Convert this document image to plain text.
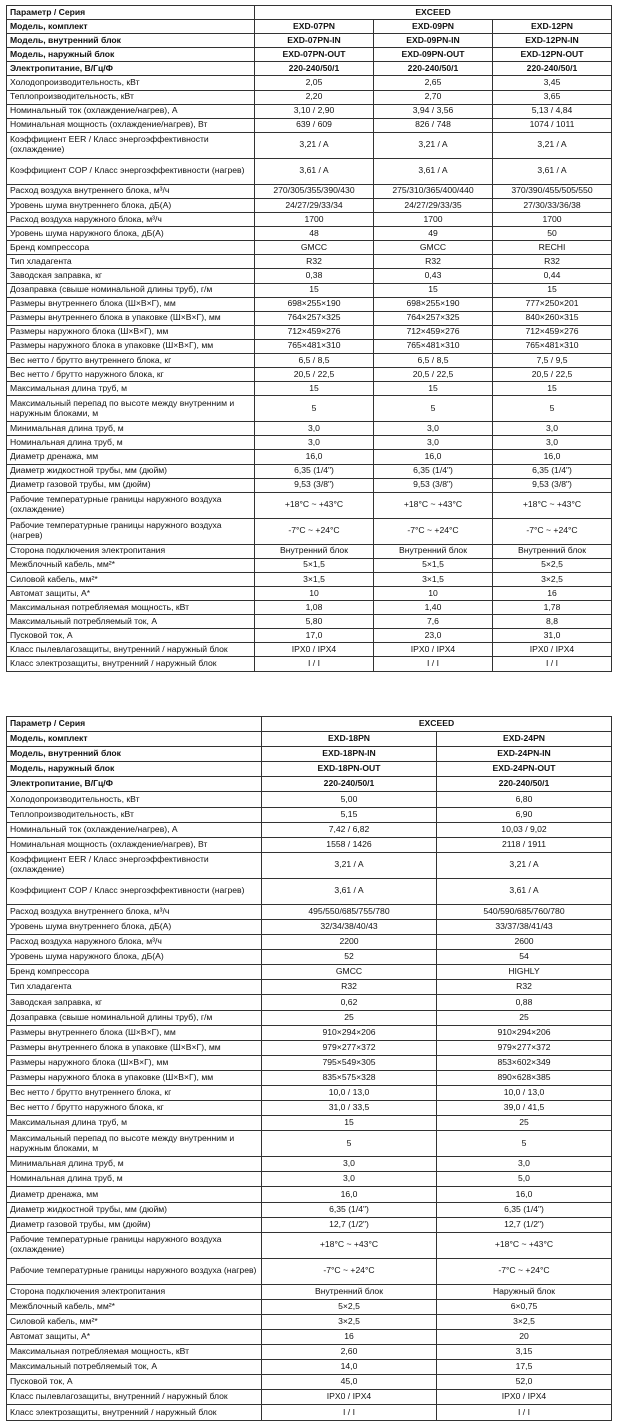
Параметр / Серия	EXCEED		
Модель, комплект	EXD-07PN	EXD-09PN	EXD-12PN
Модель, внутренний блок	EXD-07PN-IN	EXD-09PN-IN	EXD-12PN-IN
Модель, наружный блок	EXD-07PN-OUT	EXD-09PN-OUT	EXD-12PN-OUT
Электропитание, В/Гц/Ф	220-240/50/1	220-240/50/1	220-240/50/1
Холодопроизводительность, кВт	2,05	2,65	3,45
Теплопроизводительность, кВт	2,20	2,70	3,65
Номинальный ток (охлаждение/нагрев), А	3,10 / 2,90	3,94 / 3,56	5,13 / 4,84
Номинальная мощность (охлаждение/нагрев), Вт	639 / 609	826 / 748	1074 / 1011
Коэффициент EER / Класс энергоэффективности (охлаждение)	3,21 / A	3,21 / A	3,21 / A
Коэффициент COP / Класс энергоэффективности (нагрев)	3,61 / A	3,61 / A	3,61 / A
Расход воздуха внутреннего блока, м³/ч	270/305/355/390/430	275/310/365/400/440	370/390/455/505/550
Уровень шума внутреннего блока, дБ(А)	24/27/29/33/34	24/27/29/33/35	27/30/33/36/38
Расход воздуха наружного блока, м³/ч	1700	1700	1700
Уровень шума наружного блока, дБ(А)	48	49	50
Бренд компрессора	GMCC	GMCC	RECHI
Тип хладагента	R32	R32	R32
Заводская заправка, кг	0,38	0,43	0,44
Дозаправка (свыше номинальной длины труб), г/м	15	15	15
Размеры внутреннего блока (Ш×В×Г), мм	698×255×190	698×255×190	777×250×201
Размеры внутреннего блока в упаковке (Ш×В×Г), мм	764×257×325	764×257×325	840×260×315
Размеры наружного блока (Ш×В×Г), мм	712×459×276	712×459×276	712×459×276
Размеры наружного блока в упаковке (Ш×В×Г), мм	765×481×310	765×481×310	765×481×310
Вес нетто / брутто внутреннего блока, кг	6,5 / 8,5	6,5 / 8,5	7,5 / 9,5
Вес нетто / брутто наружного блока, кг	20,5 / 22,5	20,5 / 22,5	20,5 / 22,5
Максимальная длина труб, м	15	15	15
Максимальный перепад по высоте между внутренним и наружным блоками, м	5	5	5
Минимальная длина труб, м	3,0	3,0	3,0
Номинальная длина труб, м	3,0	3,0	3,0
Диаметр дренажа, мм	16,0	16,0	16,0
Диаметр жидкостной трубы, мм (дюйм)	6,35 (1/4")	6,35 (1/4")	6,35 (1/4")
Диаметр газовой трубы, мм (дюйм)	9,53 (3/8")	9,53 (3/8")	9,53 (3/8")
Рабочие температурные границы наружного воздуха (охлаждение)	+18°C ~ +43°C	+18°C ~ +43°C	+18°C ~ +43°C
Рабочие температурные границы наружного воздуха (нагрев)	-7°C ~ +24°C	-7°C ~ +24°C	-7°C ~ +24°C
Сторона подключения электропитания	Внутренний блок	Внутренний блок	Внутренний блок
Межблочный кабель, мм²*	5×1,5	5×1,5	5×2,5
Силовой кабель, мм²*	3×1,5	3×1,5	3×2,5
Автомат защиты, А*	10	10	16
Максимальная потребляемая мощность, кВт	1,08	1,40	1,78
Максимальный потребляемый ток, А	5,80	7,6	8,8
Пусковой ток, А	17,0	23,0	31,0
Класс пылевлагозащиты, внутренний / наружный блок	IPX0 / IPX4	IPX0 / IPX4	IPX0 / IPX4
Класс электрозащиты, внутренний / наружный блок	I / I	I / I	I / I
Параметр / Серия	EXCEED	
Модель, комплект	EXD-18PN	EXD-24PN
Модель, внутренний блок	EXD-18PN-IN	EXD-24PN-IN
Модель, наружный блок	EXD-18PN-OUT	EXD-24PN-OUT
Электропитание, В/Гц/Ф	220-240/50/1	220-240/50/1
Холодопроизводительность, кВт	5,00	6,80
Теплопроизводительность, кВт	5,15	6,90
Номинальный ток (охлаждение/нагрев), А	7,42 / 6,82	10,03 / 9,02
Номинальная мощность (охлаждение/нагрев), Вт	1558 / 1426	2118 / 1911
Коэффициент EER / Класс энергоэффективности (охлаждение)	3,21 / A	3,21 / A
Коэффициент COP / Класс энергоэффективности (нагрев)	3,61 / A	3,61 / A
Расход воздуха внутреннего блока, м³/ч	495/550/685/755/780	540/590/685/760/780
Уровень шума внутреннего блока, дБ(А)	32/34/38/40/43	33/37/38/41/43
Расход воздуха наружного блока, м³/ч	2200	2600
Уровень шума наружного блока, дБ(А)	52	54
Бренд компрессора	GMCC	HIGHLY
Тип хладагента	R32	R32
Заводская заправка, кг	0,62	0,88
Дозаправка (свыше номинальной длины труб), г/м	25	25
Размеры внутреннего блока (Ш×В×Г), мм	910×294×206	910×294×206
Размеры внутреннего блока в упаковке (Ш×В×Г), мм	979×277×372	979×277×372
Размеры наружного блока (Ш×В×Г), мм	795×549×305	853×602×349
Размеры наружного блока в упаковке (Ш×В×Г), мм	835×575×328	890×628×385
Вес нетто / брутто внутреннего блока, кг	10,0 / 13,0	10,0 / 13,0
Вес нетто / брутто наружного блока, кг	31,0 / 33,5	39,0 / 41,5
Максимальная длина труб, м	15	25
Максимальный перепад по высоте между внутренним и наружным блоками, м	5	5
Минимальная длина труб, м	3,0	3,0
Номинальная длина труб, м	3,0	5,0
Диаметр дренажа, мм	16,0	16,0
Диаметр жидкостной трубы, мм (дюйм)	6,35 (1/4")	6,35 (1/4")
Диаметр газовой трубы, мм (дюйм)	12,7 (1/2")	12,7 (1/2")
Рабочие температурные границы наружного воздуха (охлаждение)	+18°C ~ +43°C	+18°C ~ +43°C
Рабочие температурные границы наружного воздуха (нагрев)	-7°C ~ +24°C	-7°C ~ +24°C
Сторона подключения электропитания	Внутренний блок	Наружный блок
Межблочный кабель, мм²*	5×2,5	6×0,75
Силовой кабель, мм²*	3×2,5	3×2,5
Автомат защиты, А*	16	20
Максимальная потребляемая мощность, кВт	2,60	3,15
Максимальный потребляемый ток, А	14,0	17,5
Пусковой ток, А	45,0	52,0
Класс пылевлагозащиты, внутренний / наружный блок	IPX0 / IPX4	IPX0 / IPX4
Класс электрозащиты, внутренний / наружный блок	I / I	I / I
